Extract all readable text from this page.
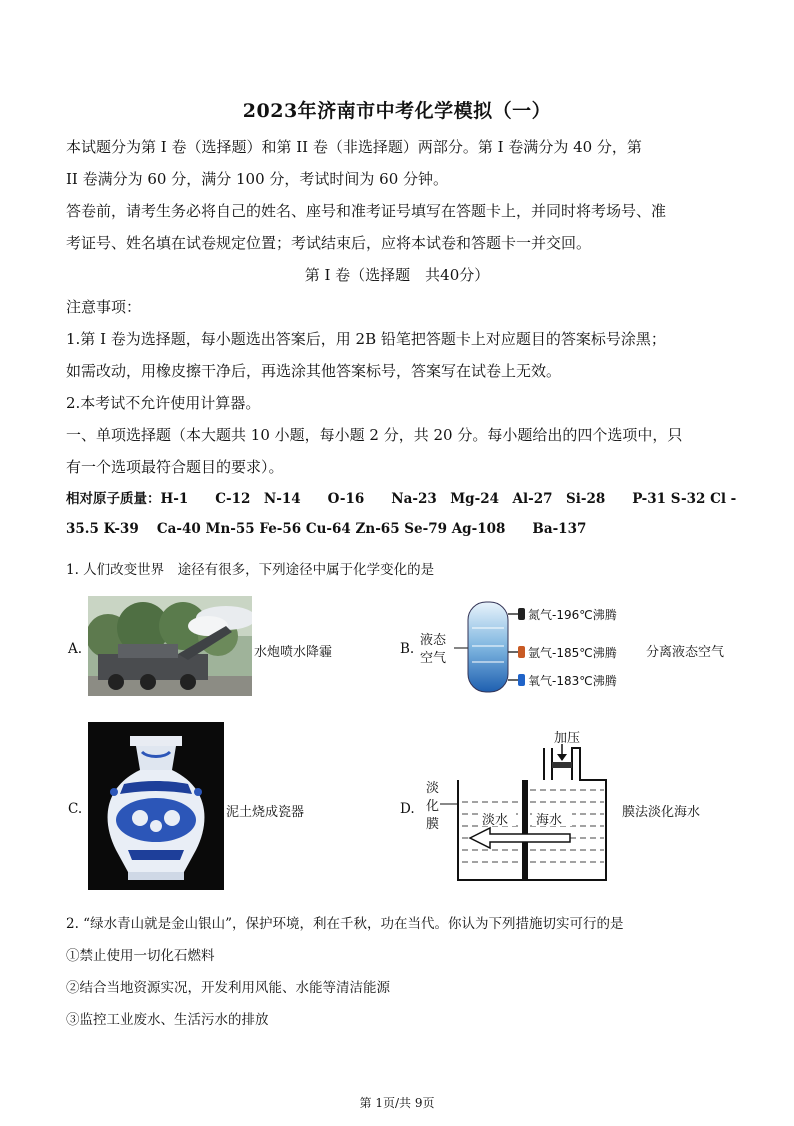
2023年济南市中考化学模拟（一）
本试题分为第 I 卷（选择题）和第 II 卷（非选择题）两部分。第 I 卷满分为 40 分，第
II 卷满分为 60 分，满分 100 分，考试时间为 60 分钟。
答卷前，请考生务必将自己的姓名、座号和准考证号填写在答题卡上，并同时将考场号、准
考证号、姓名填在试卷规定位置；考试结束后，应将本试卷和答题卡一并交回。
第 I 卷（选择题　共40分）
注意事项：
1.第 I 卷为选择题，每小题选出答案后，用 2B 铅笔把答题卡上对应题目的答案标号涂黑；
如需改动，用橡皮擦干净后，再选涂其他答案标号，答案写在试卷上无效。
2.本考试不允许使用计算器。
一、单项选择题（本大题共 10 小题，每小题 2 分，共 20 分。每小题给出的四个选项中，只
有一个选项最符合题目的要求）。
相对原子质量：H-1　　C-12　N-14　　O-16　　Na-23　Mg-24　Al-27　Si-28　　P-31 S-32 Cl -
35.5 K-39　 Ca-40 Mn-55 Fe-56 Cu-64 Zn-65 Se-79 Ag-108　　Ba-137
1. 人们改变世界　途径有很多，下列途径中属于化学变化的是
A.	水炮喷水降霾	B.
液态
空气
氮气-196℃沸腾
氩气-185℃沸腾
氧气-183℃沸腾
分离液态空气
C.	泥土烧成瓷器	D.
加压
淡
化
膜	淡水 海水
膜法淡化海水
2. “绿水青山就是金山银山”，保护环境，利在千秋，功在当代。你认为下列措施切实可行的是
①禁止使用一切化石燃料
②结合当地资源实况，开发利用风能、水能等清洁能源
③监控工业废水、生活污水的排放
第 1页/共 9页
